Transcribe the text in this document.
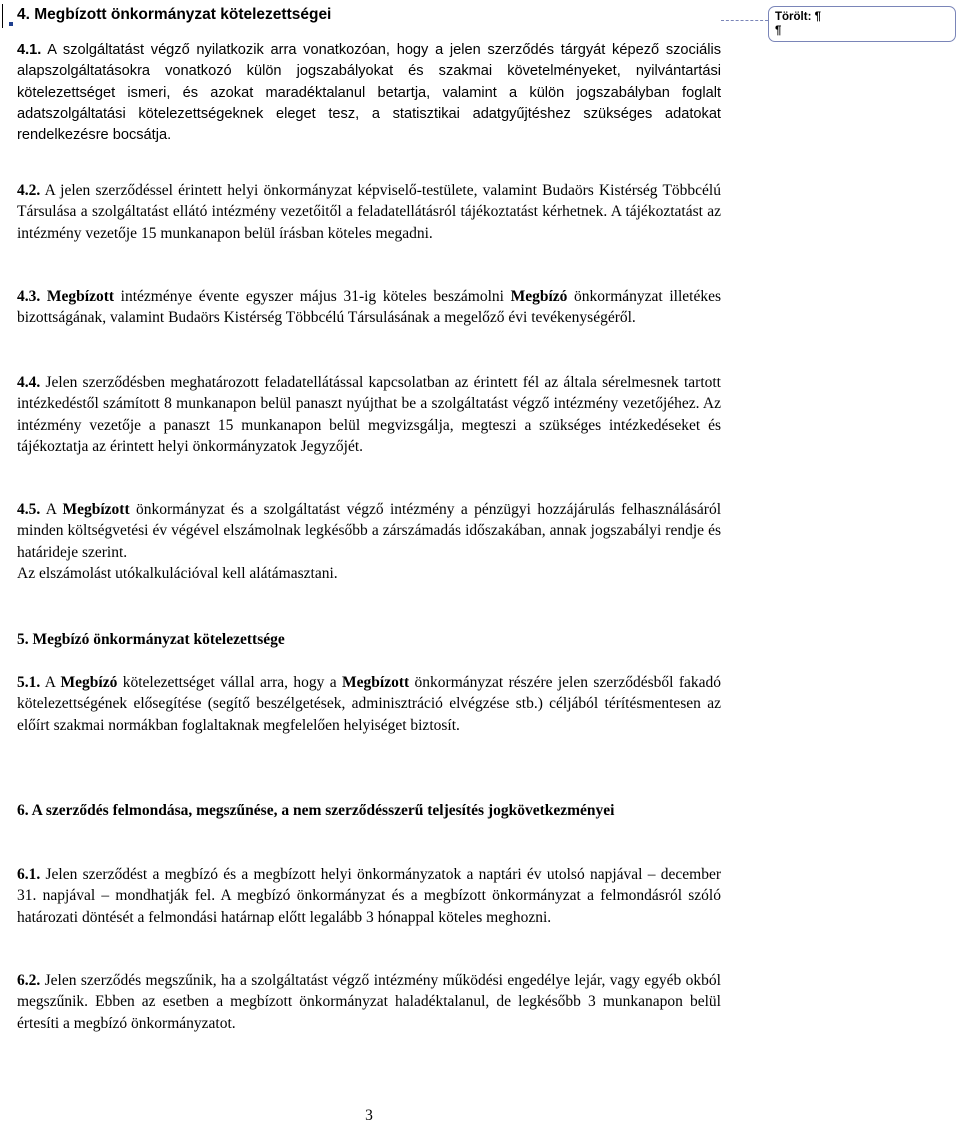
4. Megbízott önkormányzat kötelezettségei

4.1. A szolgáltatást végző nyilatkozik arra vonatkozóan, hogy a jelen szerződés tárgyát képező szociális alapszolgáltatásokra vonatkozó külön jogszabályokat és szakmai követelményeket, nyilvántartási kötelezettséget ismeri, és azokat maradéktalanul betartja, valamint a külön jogszabályban foglalt adatszolgáltatási kötelezettségeknek eleget tesz, a statisztikai adatgyűjtéshez szükséges adatokat rendelkezésre bocsátja.

4.2. A jelen szerződéssel érintett helyi önkormányzat képviselő-testülete, valamint Budaörs Kistérség Többcélú Társulása a szolgáltatást ellátó intézmény vezetőitől a feladatellátásról tájékoztatást kérhetnek. A tájékoztatást az intézmény vezetője 15 munkanapon belül írásban köteles megadni.

4.3. Megbízott intézménye évente egyszer május 31-ig köteles beszámolni Megbízó önkormányzat illetékes bizottságának, valamint Budaörs Kistérség Többcélú Társulásának a megelőző évi tevékenységéről.

4.4. Jelen szerződésben meghatározott feladatellátással kapcsolatban az érintett fél az általa sérelmesnek tartott intézkedéstől számított 8 munkanapon belül panaszt nyújthat be a szolgáltatást végző intézmény vezetőjéhez. Az intézmény vezetője a panaszt 15 munkanapon belül megvizsgálja, megteszi a szükséges intézkedéseket és tájékoztatja az érintett helyi önkormányzatok Jegyzőjét.

4.5. A Megbízott önkormányzat és a szolgáltatást végző intézmény a pénzügyi hozzájárulás felhasználásáról minden költségvetési év végével elszámolnak legkésőbb a zárszámadás időszakában, annak jogszabályi rendje és határideje szerint.

Az elszámolást utókalkulációval kell alátámasztani.

5. Megbízó önkormányzat kötelezettsége

5.1. A Megbízó kötelezettséget vállal arra, hogy a Megbízott önkormányzat részére jelen szerződésből fakadó kötelezettségének elősegítése (segítő beszélgetések, adminisztráció elvégzése stb.) céljából térítésmentesen az előírt szakmai normákban foglaltaknak megfelelően helyiséget biztosít.

6. A szerződés felmondása, megszűnése, a nem szerződésszerű teljesítés jogkövetkezményei

6.1. Jelen szerződést a megbízó és a megbízott helyi önkormányzatok a naptári év utolsó napjával – december 31. napjával – mondhatják fel. A megbízó önkormányzat és a megbízott önkormányzat a felmondásról szóló határozati döntését a felmondási határnap előtt legalább 3 hónappal köteles meghozni.

6.2. Jelen szerződés megszűnik, ha a szolgáltatást végző intézmény működési engedélye lejár, vagy egyéb okból megszűnik. Ebben az esetben a megbízott önkormányzat haladéktalanul, de legkésőbb 3 munkanapon belül értesíti a megbízó önkormányzatot.

Törölt: ¶
¶
3
